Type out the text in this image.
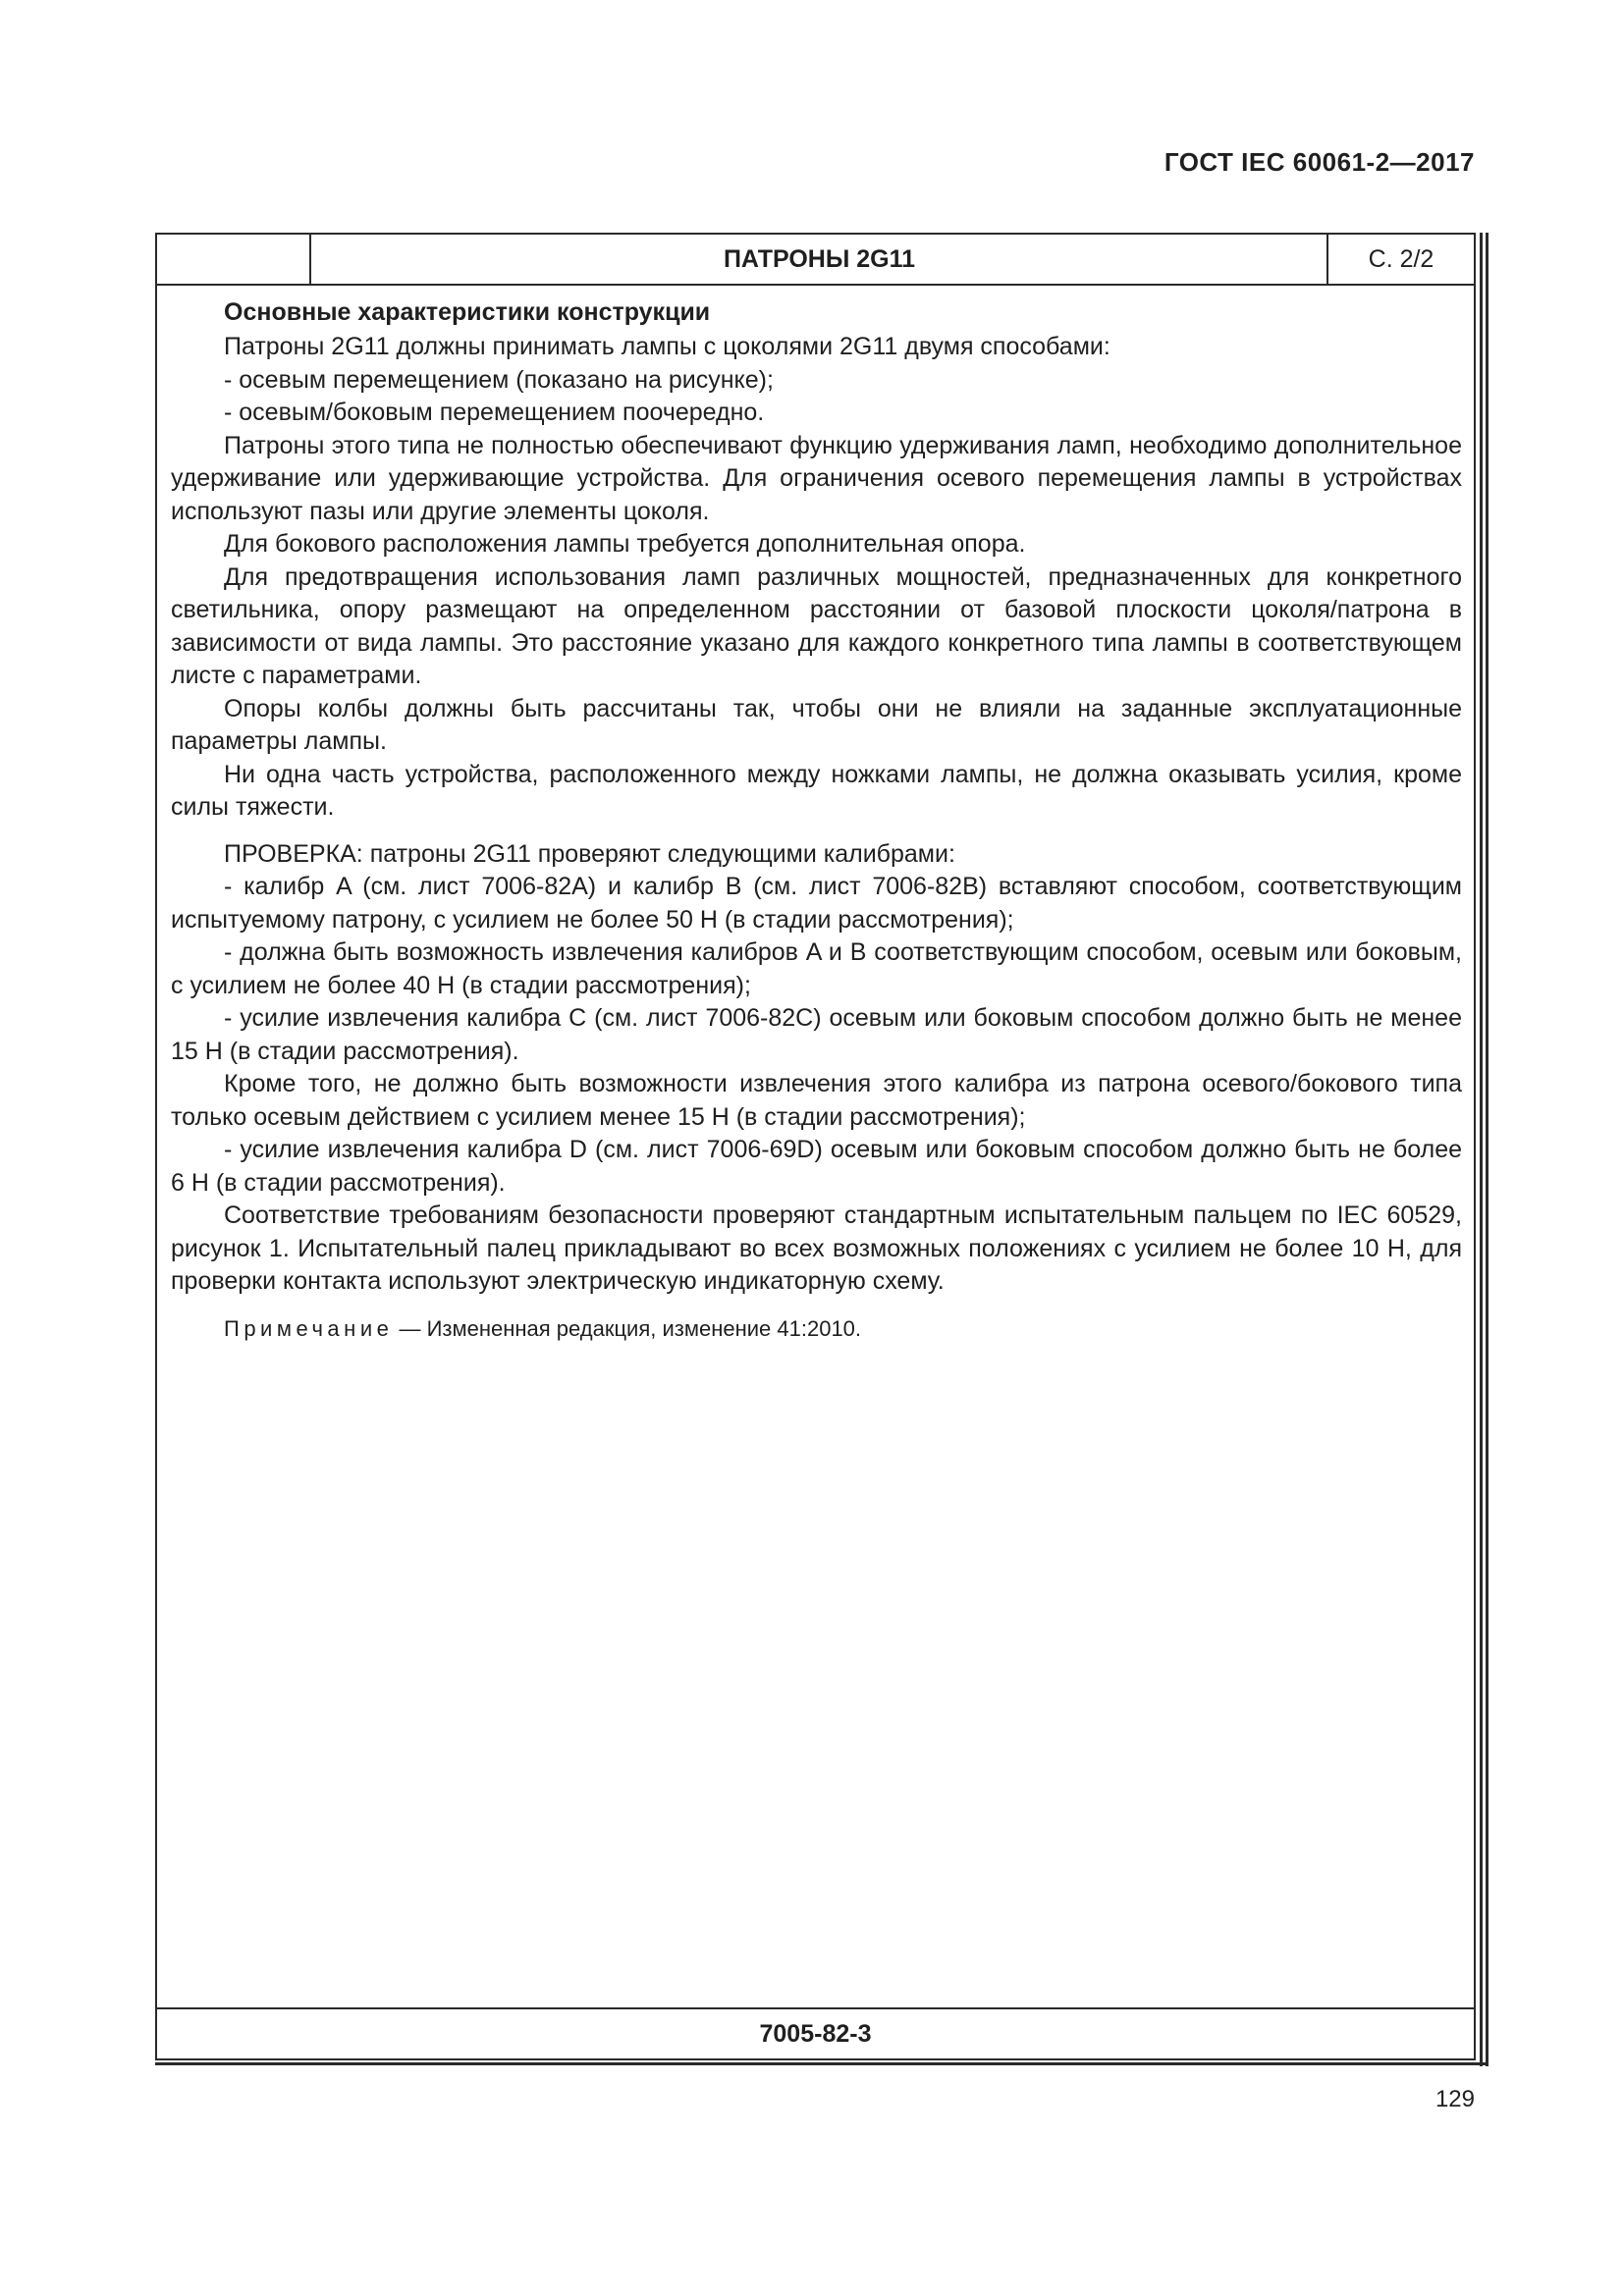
ГОСТ IEC 60061-2—2017
ПАТРОНЫ 2G11	С. 2/2

Основные характеристики конструкции

Патроны 2G11 должны принимать лампы с цоколями 2G11 двумя способами:

- осевым перемещением (показано на рисунке);

- осевым/боковым перемещением поочередно.

Патроны этого типа не полностью обеспечивают функцию удерживания ламп, необходимо дополнительное удерживание или удерживающие устройства. Для ограничения осевого перемещения лампы в устройствах используют пазы или другие элементы цоколя.

Для бокового расположения лампы требуется дополнительная опора.

Для предотвращения использования ламп различных мощностей, предназначенных для конкретного светильника, опору размещают на определенном расстоянии от базовой плоскости цоколя/патрона в зависимости от вида лампы. Это расстояние указано для каждого конкретного типа лампы в соответствующем листе с параметрами.

Опоры колбы должны быть рассчитаны так, чтобы они не влияли на заданные эксплуатационные параметры лампы.

Ни одна часть устройства, расположенного между ножками лампы, не должна оказывать усилия, кроме силы тяжести.

ПРОВЕРКА: патроны 2G11 проверяют следующими калибрами:

- калибр A (см. лист 7006-82A) и калибр B (см. лист 7006-82B) вставляют способом, соответствующим испытуемому патрону, с усилием не более 50 Н (в стадии рассмотрения);

- должна быть возможность извлечения калибров A и B соответствующим способом, осевым или боковым, с усилием не более 40 Н (в стадии рассмотрения);

- усилие извлечения калибра C (см. лист 7006-82C) осевым или боковым способом должно быть не менее 15 Н (в стадии рассмотрения).

Кроме того, не должно быть возможности извлечения этого калибра из патрона осевого/бокового типа только осевым действием с усилием менее 15 Н (в стадии рассмотрения);

- усилие извлечения калибра D (см. лист 7006-69D) осевым или боковым способом должно быть не более 6 Н (в стадии рассмотрения).

Соответствие требованиям безопасности проверяют стандартным испытательным пальцем по IEC 60529, рисунок 1. Испытательный палец прикладывают во всех возможных положениях с усилием не более 10 Н, для проверки контакта используют электрическую индикаторную схему.

Примечание — Измененная редакция, изменение 41:2010.

7005-82-3
129
